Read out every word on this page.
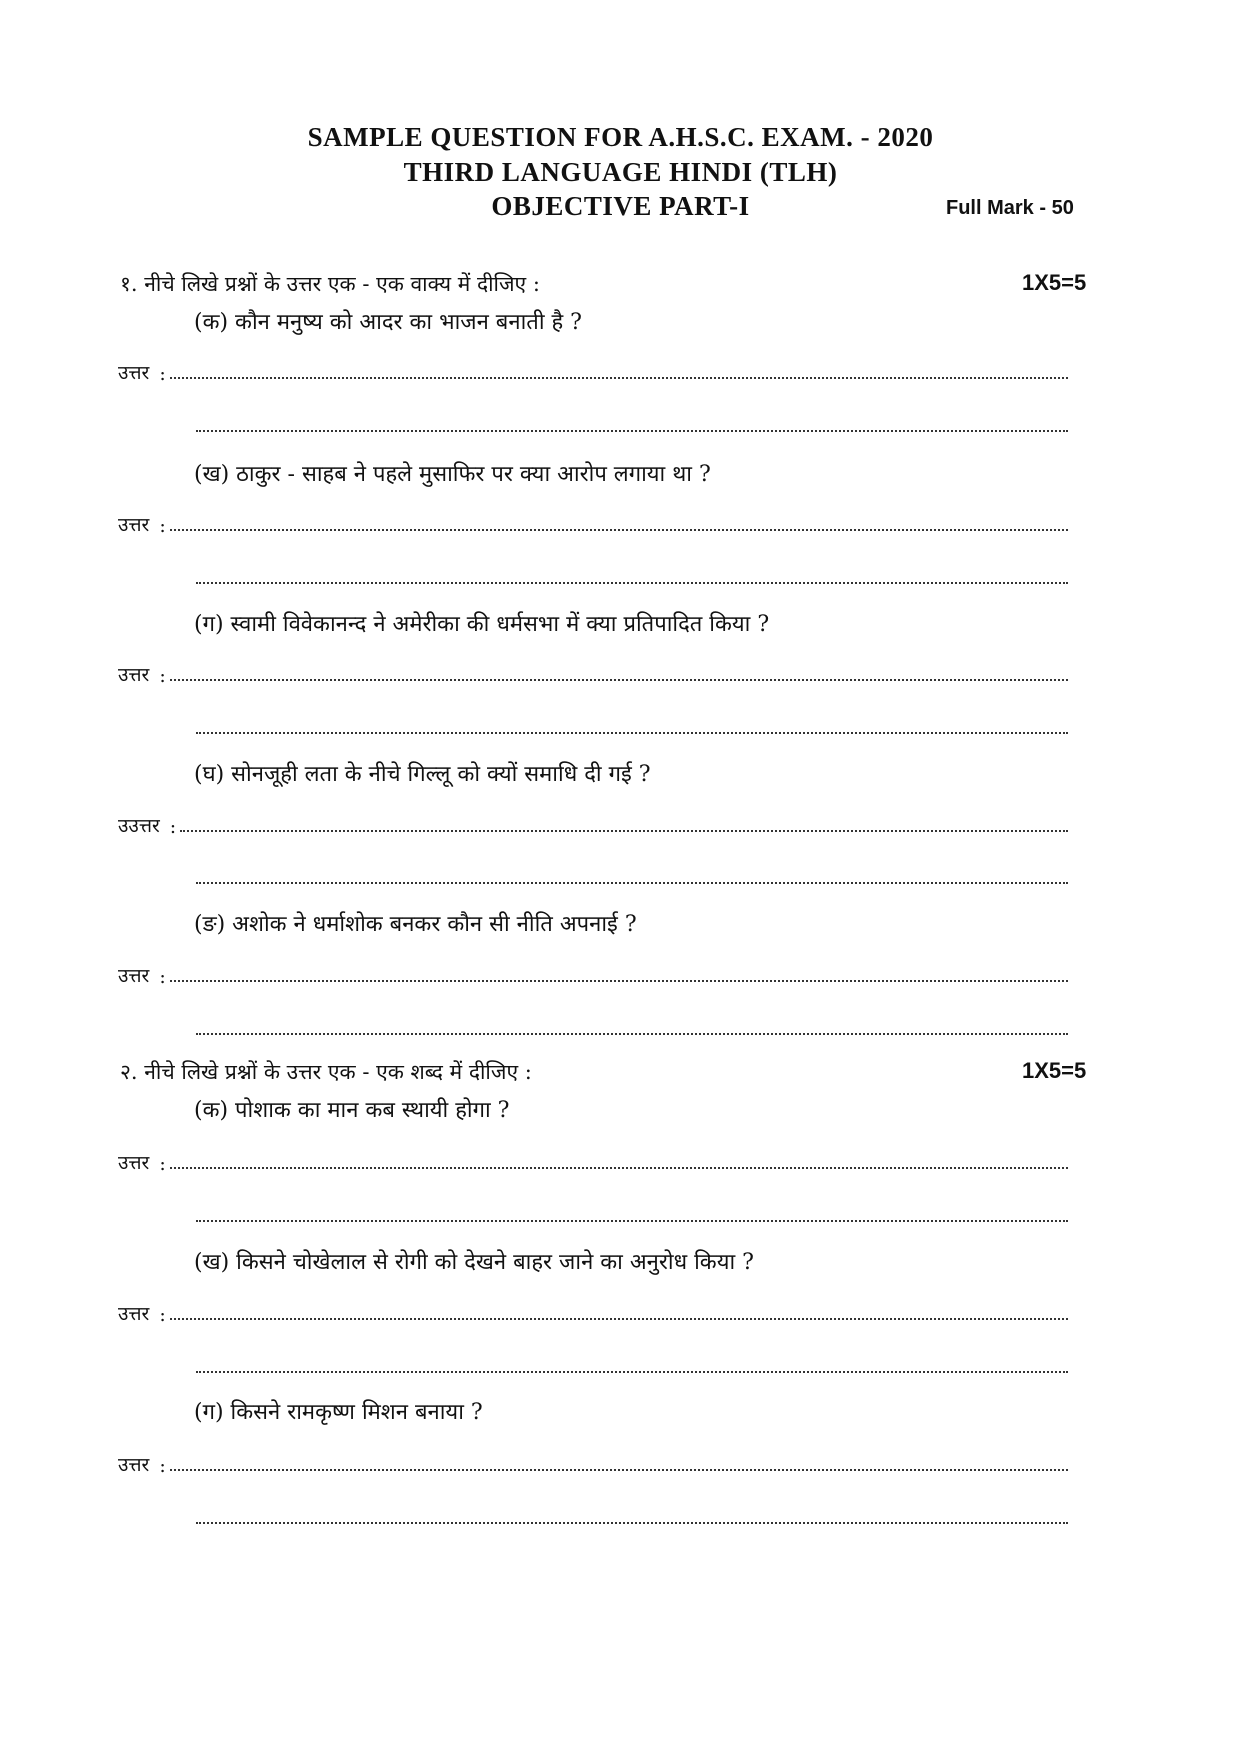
SAMPLE QUESTION FOR A.H.S.C. EXAM. - 2020
THIRD LANGUAGE HINDI (TLH)
OBJECTIVE PART-I	Full Mark - 50
१. नीचे लिखे प्रश्नों के उत्तर एक - एक वाक्य में दीजिए :	1X5=5
(क) कौन मनुष्य को आदर का भाजन बनाती है ?
उत्तर :
(ख) ठाकुर - साहब ने पहले मुसाफिर पर क्या आरोप लगाया था ?
उत्तर :
(ग) स्वामी विवेकानन्द ने अमेरीका की धर्मसभा में क्या प्रतिपादित किया ?
उत्तर :
(घ) सोनजूही लता के नीचे गिल्लू को क्यों समाधि दी गई ?
उउत्तर :
(ङ) अशोक ने धर्माशोक बनकर कौन सी नीति अपनाई ?
उत्तर :
२. नीचे लिखे प्रश्नों के उत्तर एक - एक शब्द में दीजिए :	1X5=5
(क) पोशाक का मान कब स्थायी होगा ?
उत्तर :
(ख) किसने चोखेलाल से रोगी को देखने बाहर जाने का अनुरोध किया ?
उत्तर :
(ग) किसने रामकृष्ण मिशन बनाया ?
उत्तर :
